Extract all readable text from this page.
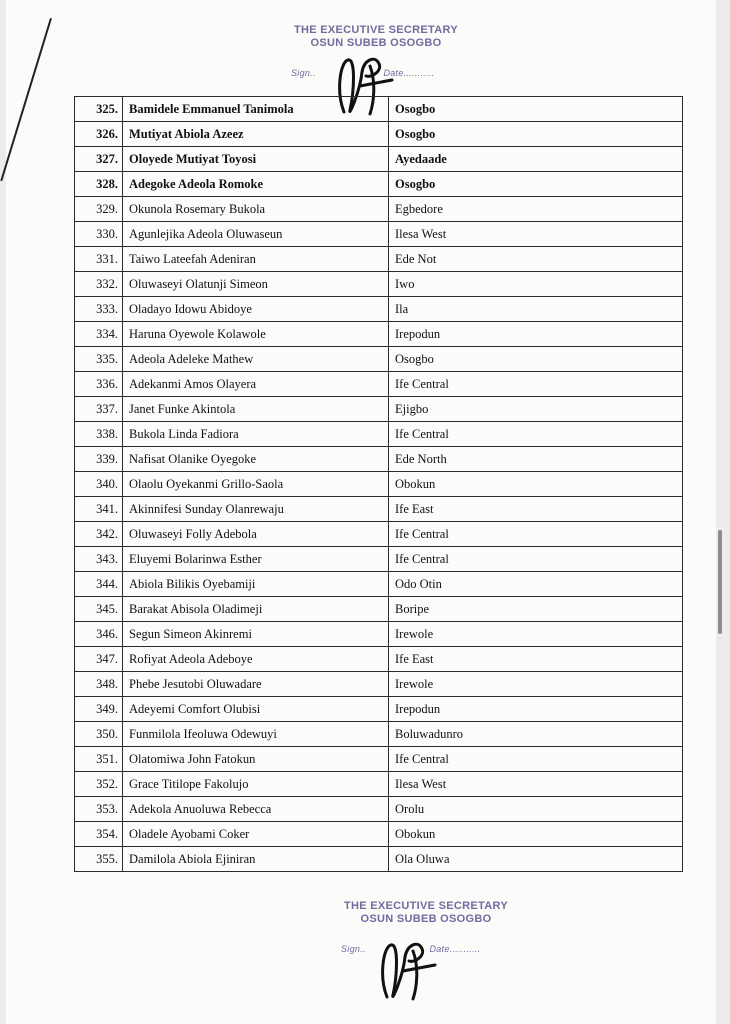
THE EXECUTIVE SECRETARY
OSUN SUBEB OSOGBO
Sign..	Date...........
325.	Bamidele Emmanuel Tanimola	Osogbo
326.	Mutiyat Abiola Azeez	Osogbo
327.	Oloyede Mutiyat Toyosi	Ayedaade
328.	Adegoke Adeola Romoke	Osogbo
329.	Okunola Rosemary Bukola	Egbedore
330.	Agunlejika Adeola Oluwaseun	Ilesa West
331.	Taiwo Lateefah Adeniran	Ede Not
332.	Oluwaseyi Olatunji Simeon	Iwo
333.	Oladayo Idowu Abidoye	Ila
334.	Haruna Oyewole Kolawole	Irepodun
335.	Adeola Adeleke Mathew	Osogbo
336.	Adekanmi Amos Olayera	Ife Central
337.	Janet Funke Akintola	Ejigbo
338.	Bukola Linda Fadiora	Ife Central
339.	Nafisat Olanike Oyegoke	Ede North
340.	Olaolu Oyekanmi Grillo-Saola	Obokun
341.	Akinnifesi Sunday Olanrewaju	Ife East
342.	Oluwaseyi Folly Adebola	Ife Central
343.	Eluyemi Bolarinwa Esther	Ife Central
344.	Abiola Bilikis Oyebamiji	Odo Otin
345.	Barakat Abisola Oladimeji	Boripe
346.	Segun Simeon Akinremi	Irewole
347.	Rofiyat Adeola Adeboye	Ife East
348.	Phebe Jesutobi Oluwadare	Irewole
349.	Adeyemi Comfort Olubisi	Irepodun
350.	Funmilola Ifeoluwa Odewuyi	Boluwadunro
351.	Olatomiwa John Fatokun	Ife Central
352.	Grace Titilope Fakolujo	Ilesa West
353.	Adekola Anuoluwa Rebecca	Orolu
354.	Oladele Ayobami Coker	Obokun
355.	Damilola Abiola Ejiniran	Ola Oluwa
THE EXECUTIVE SECRETARY
OSUN SUBEB OSOGBO
Sign..	Date...........
